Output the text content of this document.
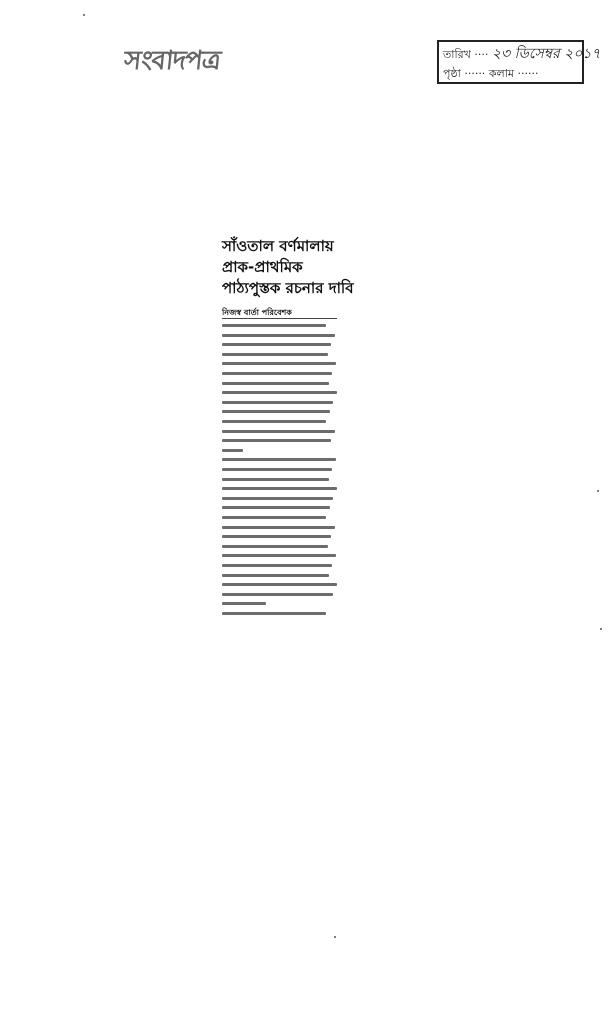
সংবাদপত্র	তারিখ ···· ২৩ ডিসেম্বর ২০১৭
পৃষ্ঠা ······ কলাম ······
সাঁওতাল বর্ণমালায়
প্রাক-প্রাথমিক
পাঠ্যপুস্তক রচনার দাবি
নিজস্ব বার্তা পরিবেশক
